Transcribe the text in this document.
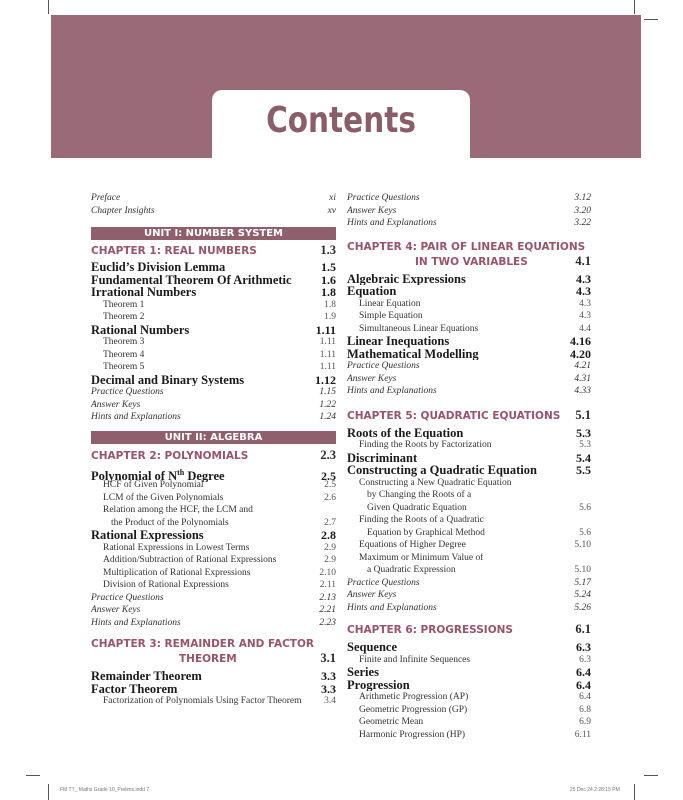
Contents
Preface	xi
Chapter Insights	xv
UNIT I: NUMBER SYSTEM
CHAPTER 1: REAL NUMBERS	1.3
Euclid’s Division Lemma	1.5
Fundamental Theorem Of Arithmetic	1.6
Irrational Numbers	1.8
Theorem 1	1.8
Theorem 2	1.9
Rational Numbers	1.11
Theorem 3	1.11
Theorem 4	1.11
Theorem 5	1.11
Decimal and Binary Systems	1.12
Practice Questions	1.15
Answer Keys	1.22
Hints and Explanations	1.24
UNIT II: ALGEBRA
CHAPTER 2: POLYNOMIALS	2.3
Polynomial of $N^{th}$ Degree	2.5
HCF of Given Polynomial	2.5
LCM of the Given Polynomials	2.6
Relation among the HCF, the LCM and
the Product of the Polynomials	2.7
Rational Expressions	2.8
Rational Expressions in Lowest Terms	2.9
Addition/Subtraction of Rational Expressions	2.9
Multiplication of Rational Expressions	2.10
Division of Rational Expressions	2.11
Practice Questions	2.13
Answer Keys	2.21
Hints and Explanations	2.23
CHAPTER 3: REMAINDER AND FACTOR
THEOREM	3.1
Remainder Theorem	3.3
Factor Theorem	3.3
Factorization of Polynomials Using Factor Theorem	3.4
Practice Questions	3.12
Answer Keys	3.20
Hints and Explanations	3.22
CHAPTER 4: PAIR OF LINEAR EQUATIONS
IN TWO VARIABLES	4.1
Algebraic Expressions	4.3
Equation	4.3
Linear Equation	4.3
Simple Equation	4.3
Simultaneous Linear Equations	4.4
Linear Inequations	4.16
Mathematical Modelling	4.20
Practice Questions	4.21
Answer Keys	4.31
Hints and Explanations	4.33
CHAPTER 5: QUADRATIC EQUATIONS	5.1
Roots of the Equation	5.3
Finding the Roots by Factorization	5.3
Discriminant	5.4
Constructing a Quadratic Equation	5.5
Constructing a New Quadratic Equation
by Changing the Roots of a
Given Quadratic Equation	5.6
Finding the Roots of a Quadratic
Equation by Graphical Method	5.6
Equations of Higher Degree	5.10
Maximum or Minimum Value of
a Quadratic Expression	5.10
Practice Questions	5.17
Answer Keys	5.24
Hints and Explanations	5.26
CHAPTER 6: PROGRESSIONS	6.1
Sequence	6.3
Finite and Infinite Sequences	6.3
Series	6.4
Progression	6.4
Arithmetic Progression (AP)	6.4
Geometric Progression (GP)	6.8
Geometric Mean	6.9
Harmonic Progression (HP)	6.11
FM TT_ Maths Grade 10_Prelims.indd 7	25 Dec 24 2:28:15 PM
